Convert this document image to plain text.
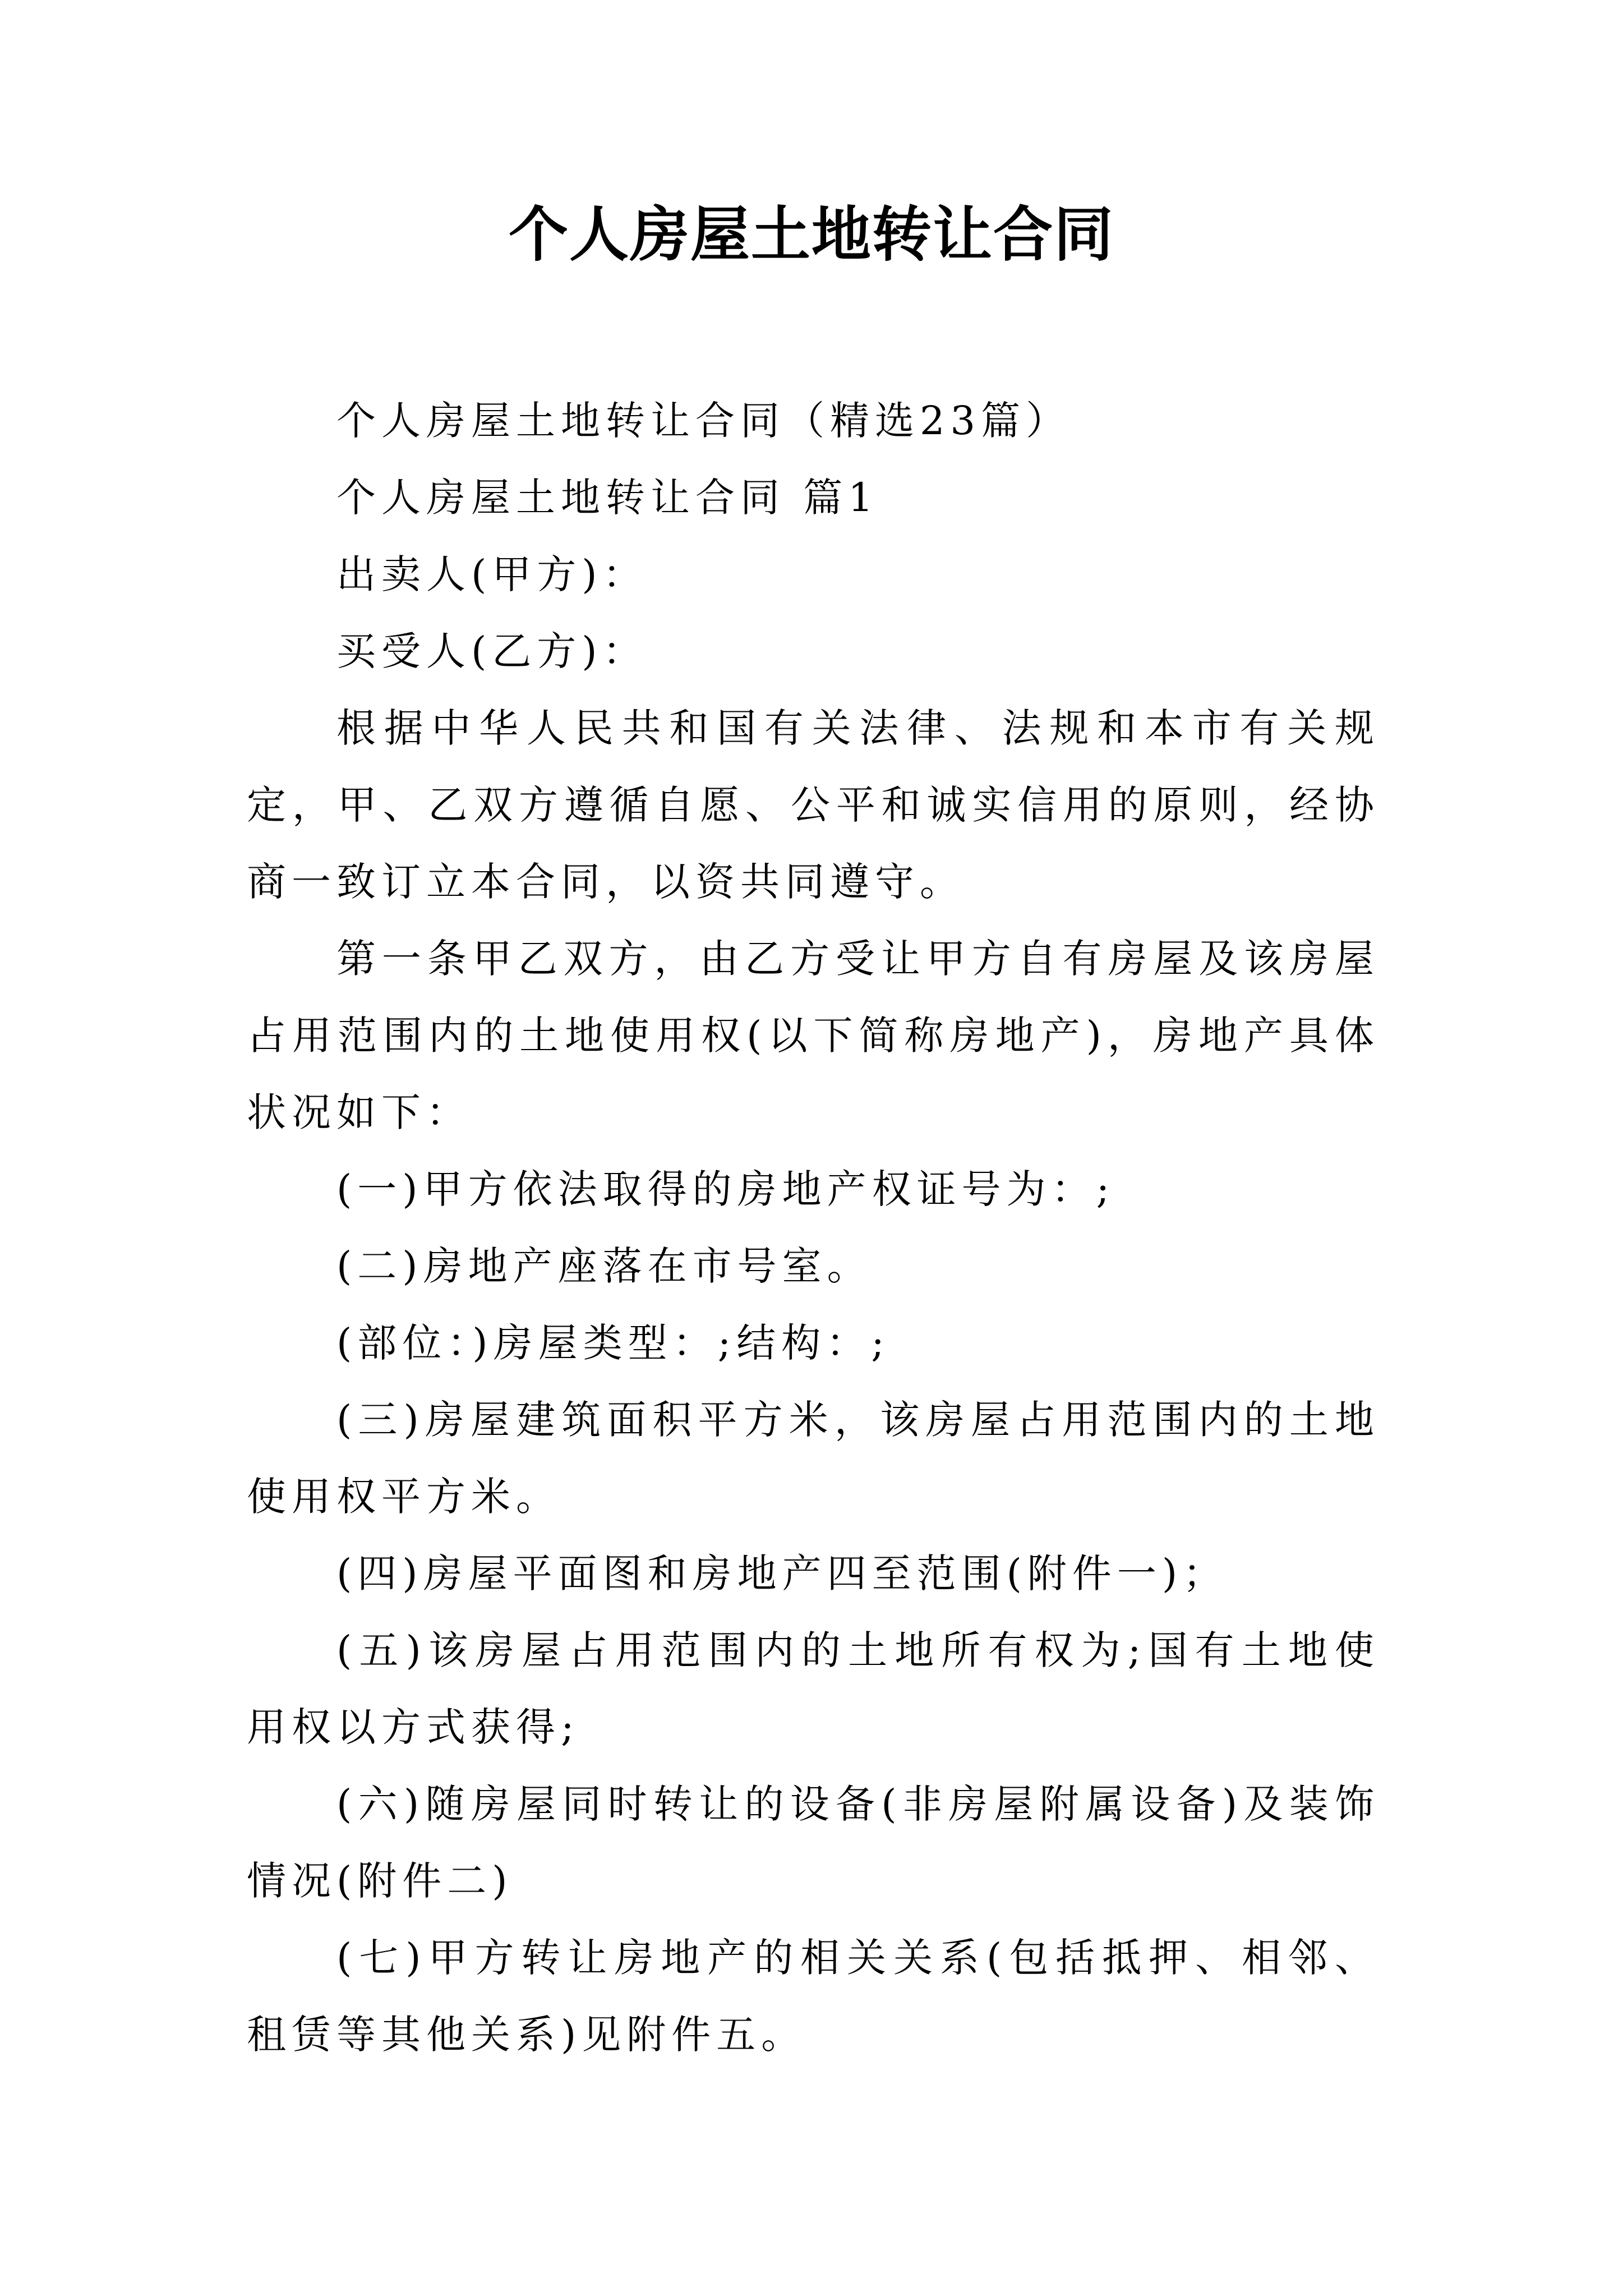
个人房屋土地转让合同

个人房屋土地转让合同（精选23篇）

个人房屋土地转让合同 篇1

出卖人(甲方)：

买受人(乙方)：

根据中华人民共和国有关法律、法规和本市有关规定，甲、乙双方遵循自愿、公平和诚实信用的原则，经协商一致订立本合同，以资共同遵守。

第一条甲乙双方，由乙方受让甲方自有房屋及该房屋占用范围内的土地使用权(以下简称房地产)，房地产具体状况如下：

(一)甲方依法取得的房地产权证号为：;

(二)房地产座落在市号室。

(部位：)房屋类型：;结构：;

(三)房屋建筑面积平方米，该房屋占用范围内的土地使用权平方米。

(四)房屋平面图和房地产四至范围(附件一)；

(五)该房屋占用范围内的土地所有权为;国有土地使用权以方式获得;

(六)随房屋同时转让的设备(非房屋附属设备)及装饰情况(附件二)

(七)甲方转让房地产的相关关系(包括抵押、相邻、租赁等其他关系)见附件五。
